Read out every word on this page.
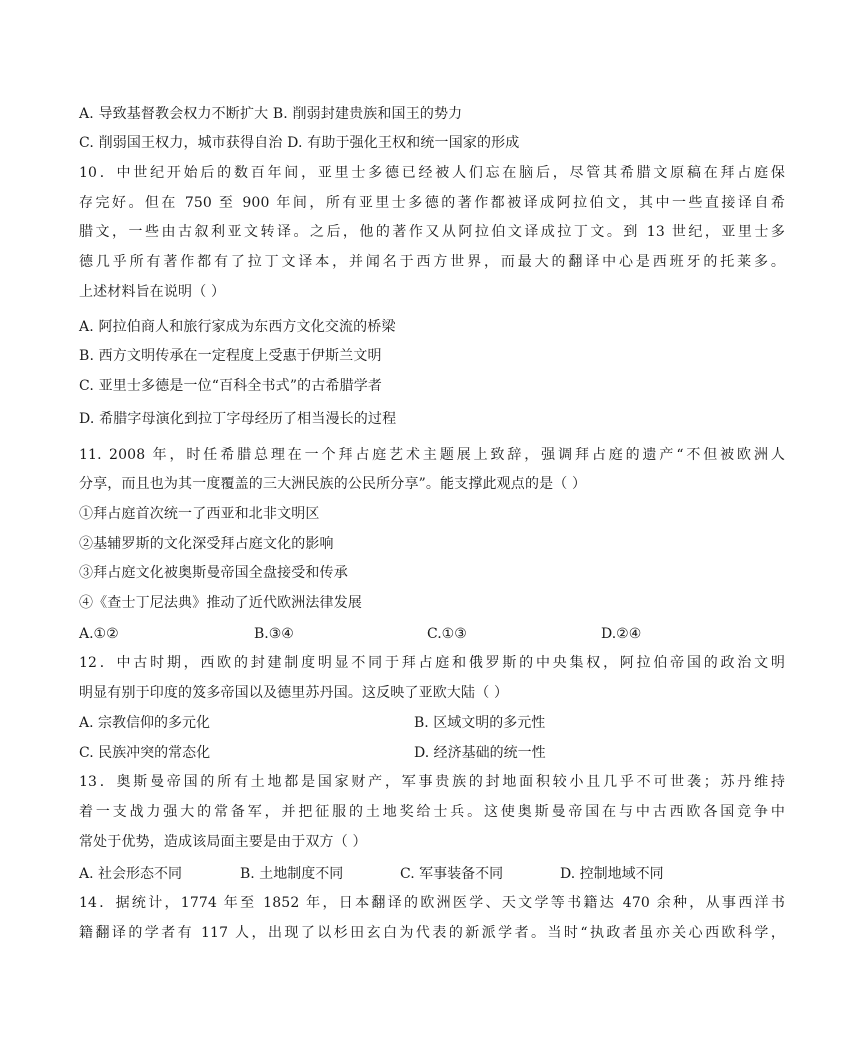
A. 导致基督教会权力不断扩大 B. 削弱封建贵族和国王的势力
C. 削弱国王权力，城市获得自治 D. 有助于强化王权和统一国家的形成
10．中世纪开始后的数百年间，亚里士多德已经被人们忘在脑后，尽管其希腊文原稿在拜占庭保
存完好。但在 750 至 900 年间，所有亚里士多德的著作都被译成阿拉伯文，其中一些直接译自希
腊文，一些由古叙利亚文转译。之后，他的著作又从阿拉伯文译成拉丁文。到 13 世纪，亚里士多
德几乎所有著作都有了拉丁文译本，并闻名于西方世界，而最大的翻译中心是西班牙的托莱多。
上述材料旨在说明（ ）
A. 阿拉伯商人和旅行家成为东西方文化交流的桥梁
B. 西方文明传承在一定程度上受惠于伊斯兰文明
C. 亚里士多德是一位“百科全书式”的古希腊学者
D. 希腊字母演化到拉丁字母经历了相当漫长的过程
11. 2008 年，时任希腊总理在一个拜占庭艺术主题展上致辞，强调拜占庭的遗产“不但被欧洲人
分享，而且也为其一度覆盖的三大洲民族的公民所分享”。能支撑此观点的是（ ）
①拜占庭首次统一了西亚和北非文明区
②基辅罗斯的文化深受拜占庭文化的影响
③拜占庭文化被奥斯曼帝国全盘接受和传承
④《查士丁尼法典》推动了近代欧洲法律发展
A.①②	B.③④	C.①③	D.②④
12．中古时期，西欧的封建制度明显不同于拜占庭和俄罗斯的中央集权，阿拉伯帝国的政治文明
明显有别于印度的笈多帝国以及德里苏丹国。这反映了亚欧大陆（ ）
A. 宗教信仰的多元化	B. 区域文明的多元性
C. 民族冲突的常态化	D. 经济基础的统一性
13．奥斯曼帝国的所有土地都是国家财产，军事贵族的封地面积较小且几乎不可世袭；苏丹维持
着一支战力强大的常备军，并把征服的土地奖给士兵。这使奥斯曼帝国在与中古西欧各国竞争中
常处于优势，造成该局面主要是由于双方（ ）
A. 社会形态不同	B. 土地制度不同	C. 军事装备不同	D. 控制地域不同
14．据统计，1774 年至 1852 年，日本翻译的欧洲医学、天文学等书籍达 470 余种，从事西洋书
籍翻译的学者有 117 人，出现了以杉田玄白为代表的新派学者。当时“执政者虽亦关心西欧科学，
